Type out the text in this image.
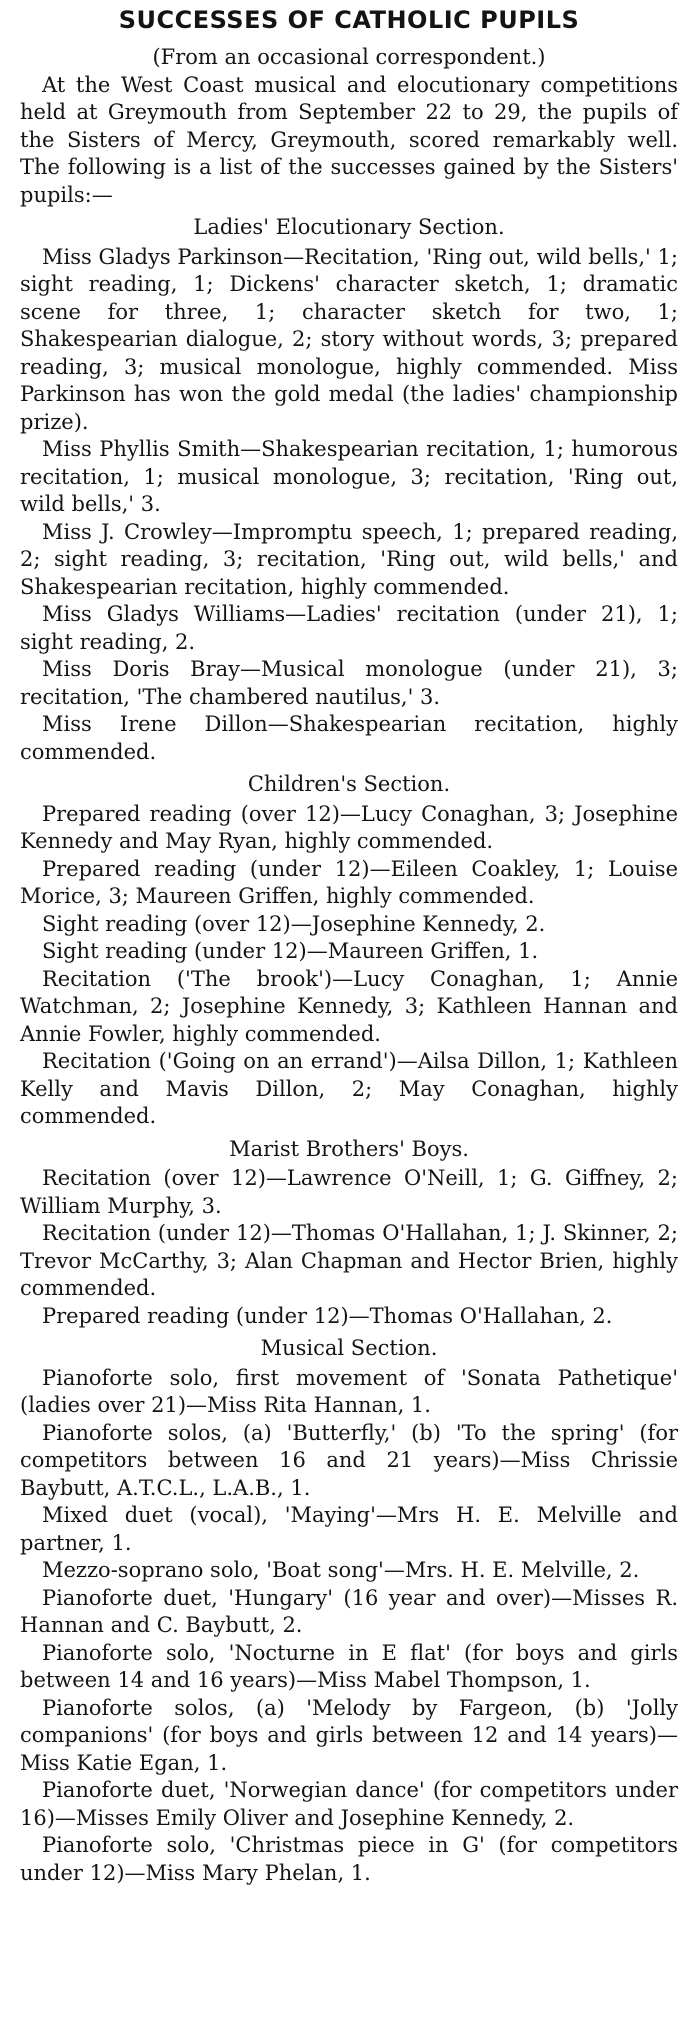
SUCCESSES OF CATHOLIC PUPILS

(From an occasional correspondent.)

At the West Coast musical and elocutionary competitions held at Greymouth from September 22 to 29, the pupils of the Sisters of Mercy, Greymouth, scored remarkably well. The following is a list of the successes gained by the Sisters' pupils:—

Ladies' Elocutionary Section.

Miss Gladys Parkinson—Recitation, 'Ring out, wild bells,' 1; sight reading, 1; Dickens' character sketch, 1; dramatic scene for three, 1; character sketch for two, 1; Shakespearian dialogue, 2; story without words, 3; prepared reading, 3; musical monologue, highly commended. Miss Parkinson has won the gold medal (the ladies' championship prize).

Miss Phyllis Smith—Shakespearian recitation, 1; humorous recitation, 1; musical monologue, 3; recitation, 'Ring out, wild bells,' 3.

Miss J. Crowley—Impromptu speech, 1; prepared reading, 2; sight reading, 3; recitation, 'Ring out, wild bells,' and Shakespearian recitation, highly commended.

Miss Gladys Williams—Ladies' recitation (under 21), 1; sight reading, 2.

Miss Doris Bray—Musical monologue (under 21), 3; recitation, 'The chambered nautilus,' 3.

Miss Irene Dillon—Shakespearian recitation, highly commended.

Children's Section.

Prepared reading (over 12)—Lucy Conaghan, 3; Josephine Kennedy and May Ryan, highly commended.

Prepared reading (under 12)—Eileen Coakley, 1; Louise Morice, 3; Maureen Griffen, highly commended.

Sight reading (over 12)—Josephine Kennedy, 2.

Sight reading (under 12)—Maureen Griffen, 1.

Recitation ('The brook')—Lucy Conaghan, 1; Annie Watchman, 2; Josephine Kennedy, 3; Kathleen Hannan and Annie Fowler, highly commended.

Recitation ('Going on an errand')—Ailsa Dillon, 1; Kathleen Kelly and Mavis Dillon, 2; May Conaghan, highly commended.

Marist Brothers' Boys.

Recitation (over 12)—Lawrence O'Neill, 1; G. Giffney, 2; William Murphy, 3.

Recitation (under 12)—Thomas O'Hallahan, 1; J. Skinner, 2; Trevor McCarthy, 3; Alan Chapman and Hector Brien, highly commended.

Prepared reading (under 12)—Thomas O'Hallahan, 2.

Musical Section.

Pianoforte solo, first movement of 'Sonata Pathetique' (ladies over 21)—Miss Rita Hannan, 1.

Pianoforte solos, (a) 'Butterfly,' (b) 'To the spring' (for competitors between 16 and 21 years)—Miss Chrissie Baybutt, A.T.C.L., L.A.B., 1.

Mixed duet (vocal), 'Maying'—Mrs H. E. Melville and partner, 1.

Mezzo-soprano solo, 'Boat song'—Mrs. H. E. Melville, 2.

Pianoforte duet, 'Hungary' (16 year and over)—Misses R. Hannan and C. Baybutt, 2.

Pianoforte solo, 'Nocturne in E flat' (for boys and girls between 14 and 16 years)—Miss Mabel Thompson, 1.

Pianoforte solos, (a) 'Melody by Fargeon, (b) 'Jolly companions' (for boys and girls between 12 and 14 years)—Miss Katie Egan, 1.

Pianoforte duet, 'Norwegian dance' (for competitors under 16)—Misses Emily Oliver and Josephine Kennedy, 2.

Pianoforte solo, 'Christmas piece in G' (for competitors under 12)—Miss Mary Phelan, 1.
